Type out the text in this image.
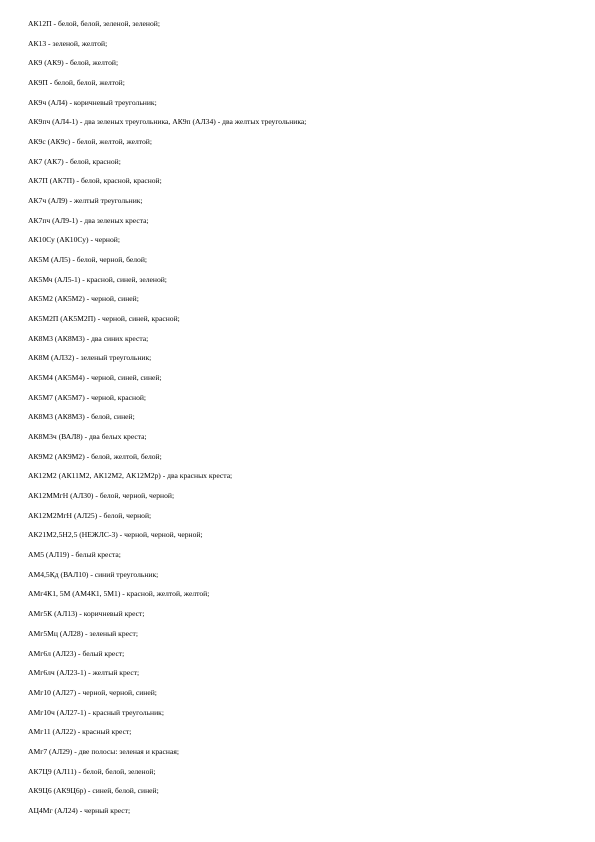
АК12П - белой, белой, зеленой, зеленой;
АК13 - зеленой, желтой;
АК9 (АК9) - белой, желтой;
АК9П - белой, белой, желтой;
АК9ч (АЛ4) - коричневый треугольник;
АК9пч (АЛ4-1) - два зеленых треугольника, АК9п (АЛ34) - два желтых треугольника;
АК9с (АК9с) - белой, желтой, желтой;
АК7 (АК7) - белой, красной;
АК7П (АК7П) - белой, красной, красной;
АК7ч (АЛ9) - желтый треугольник;
АК7пч (АЛ9-1) - два зеленых креста;
АК10Су (АК10Су) - черной;
АК5М (АЛ5) - белой, черной, белой;
АК5Мч (АЛ5-1) - красной, синей, зеленой;
АК5М2 (АК5М2) - черной, синей;
АК5М2П (АК5М2П) - черной, синей, красной;
АК8М3 (АК8М3) - два синих креста;
АК8М (АЛ32) - зеленый треугольник;
АК5М4 (АК5М4) - черной, синей, синей;
АК5М7 (АК5М7) - черной, красной;
АК8М3 (АК8М3) - белой, синей;
АК8М3ч (ВАЛ8) - два белых креста;
АК9М2 (АК9М2) - белой, желтой, белой;
АК12М2 (АК11М2, АК12М2, АК12М2р) - два красных креста;
АК12ММгН (АЛ30) - белой, черной, черной;
АК12М2МгН (АЛ25) - белой, черной;
АК21М2,5Н2,5 (НЕЖЛС-3) - черной, черной, черной;
АМ5 (АЛ19) - белый креста;
АМ4,5Кд (ВАЛ10) - синий треугольник;
АМг4К1, 5М (АМ4К1, 5М1) - красной, желтой, желтой;
АМг5К (АЛ13) - коричневый крест;
АМг5Мц (АЛ28) - зеленый крест;
АМг6л (АЛ23) - белый крест;
АМг6лч (АЛ23-1) - желтый крест;
АМг10 (АЛ27) - черной, черной, синей;
АМг10ч (АЛ27-1) - красный треугольник;
АМг11 (АЛ22) - красный крест;
АМг7 (АЛ29) - две полосы: зеленая и красная;
АК7Ц9 (АЛ11) - белой, белой, зеленой;
АК9Ц6 (АК9Ц6р) - синей, белой, синей;
АЦ4Мг (АЛ24) - черный крест;
